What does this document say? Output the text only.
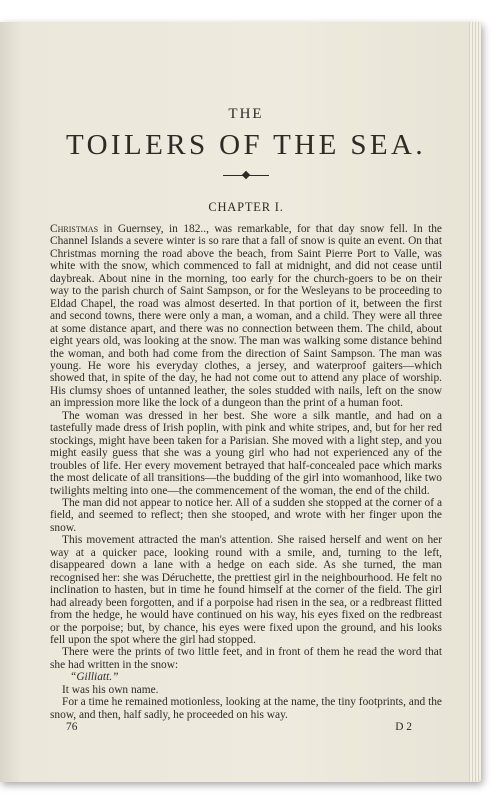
THE
TOILERS OF THE SEA.
CHAPTER I.

Christmas in Guernsey, in 182.., was remarkable, for that day snow fell. In the Channel Islands a severe winter is so rare that a fall of snow is quite an event. On that Christmas morning the road above the beach, from Saint Pierre Port to Valle, was white with the snow, which commenced to fall at midnight, and did not cease until daybreak. About nine in the morning, too early for the church-goers to be on their way to the parish church of Saint Sampson, or for the Wesleyans to be proceeding to Eldad Chapel, the road was almost deserted. In that portion of it, between the first and second towns, there were only a man, a woman, and a child. They were all three at some distance apart, and there was no connection between them. The child, about eight years old, was looking at the snow. The man was walking some distance behind the woman, and both had come from the direction of Saint Sampson. The man was young. He wore his everyday clothes, a jersey, and waterproof gaiters—which showed that, in spite of the day, he had not come out to attend any place of worship. His clumsy shoes of untanned leather, the soles studded with nails, left on the snow an impression more like the lock of a dungeon than the print of a human foot.

The woman was dressed in her best. She wore a silk mantle, and had on a tastefully made dress of Irish poplin, with pink and white stripes, and, but for her red stockings, might have been taken for a Parisian. She moved with a light step, and you might easily guess that she was a young girl who had not experienced any of the troubles of life. Her every movement betrayed that half-concealed pace which marks the most delicate of all transitions—the budding of the girl into womanhood, like two twilights melting into one—the commencement of the woman, the end of the child.

The man did not appear to notice her. All of a sudden she stopped at the corner of a field, and seemed to reflect; then she stooped, and wrote with her finger upon the snow.

This movement attracted the man's attention. She raised herself and went on her way at a quicker pace, looking round with a smile, and, turning to the left, disappeared down a lane with a hedge on each side. As she turned, the man recognised her: she was Déruchette, the prettiest girl in the neighbourhood. He felt no inclination to hasten, but in time he found himself at the corner of the field. The girl had already been forgotten, and if a porpoise had risen in the sea, or a redbreast flitted from the hedge, he would have continued on his way, his eyes fixed on the redbreast or the porpoise; but, by chance, his eyes were fixed upon the ground, and his looks fell upon the spot where the girl had stopped.

There were the prints of two little feet, and in front of them he read the word that she had written in the snow:

“Gilliatt.”

It was his own name.

For a time he remained motionless, looking at the name, the tiny footprints, and the snow, and then, half sadly, he proceeded on his way.

76	D 2
